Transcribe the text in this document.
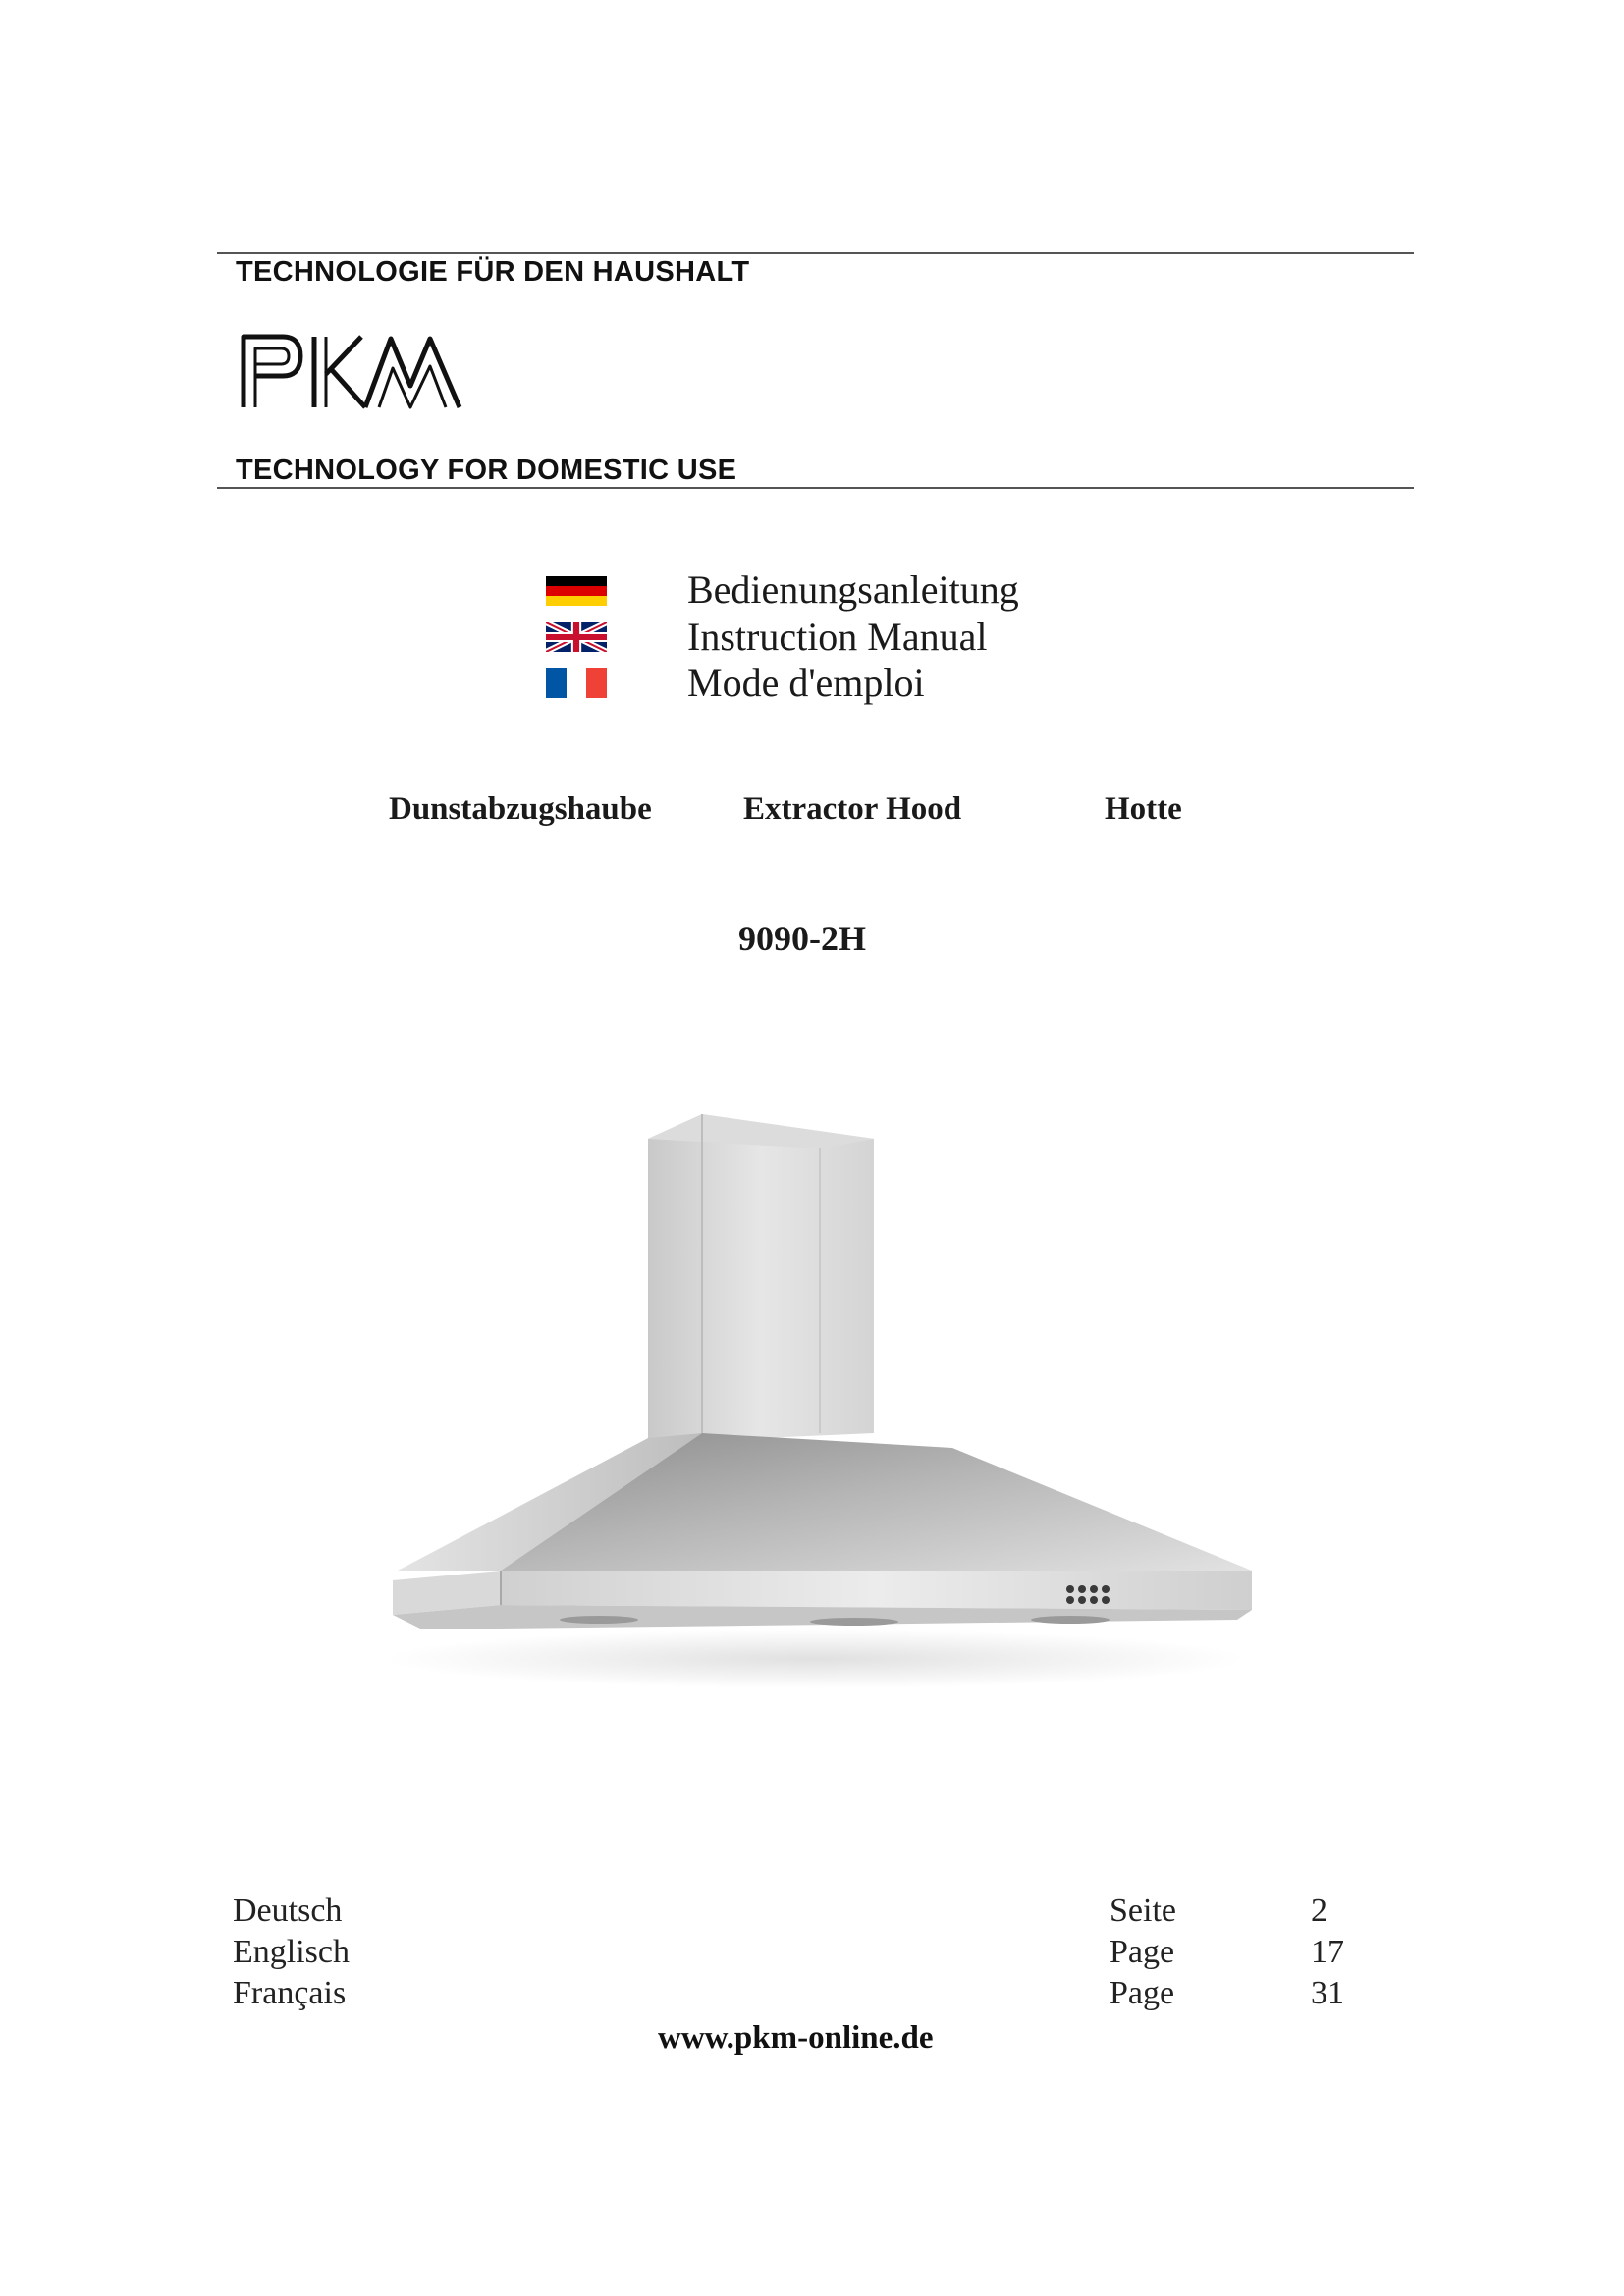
TECHNOLOGIE FÜR DEN HAUSHALT
TECHNOLOGY FOR DOMESTIC USE
Bedienungsanleitung
Instruction Manual
Mode d'emploi
Dunstabzugshaube	Extractor Hood	Hotte
9090-2H
Deutsch	Seite	2
Englisch	Page	17
Français	Page	31
www.pkm-online.de
